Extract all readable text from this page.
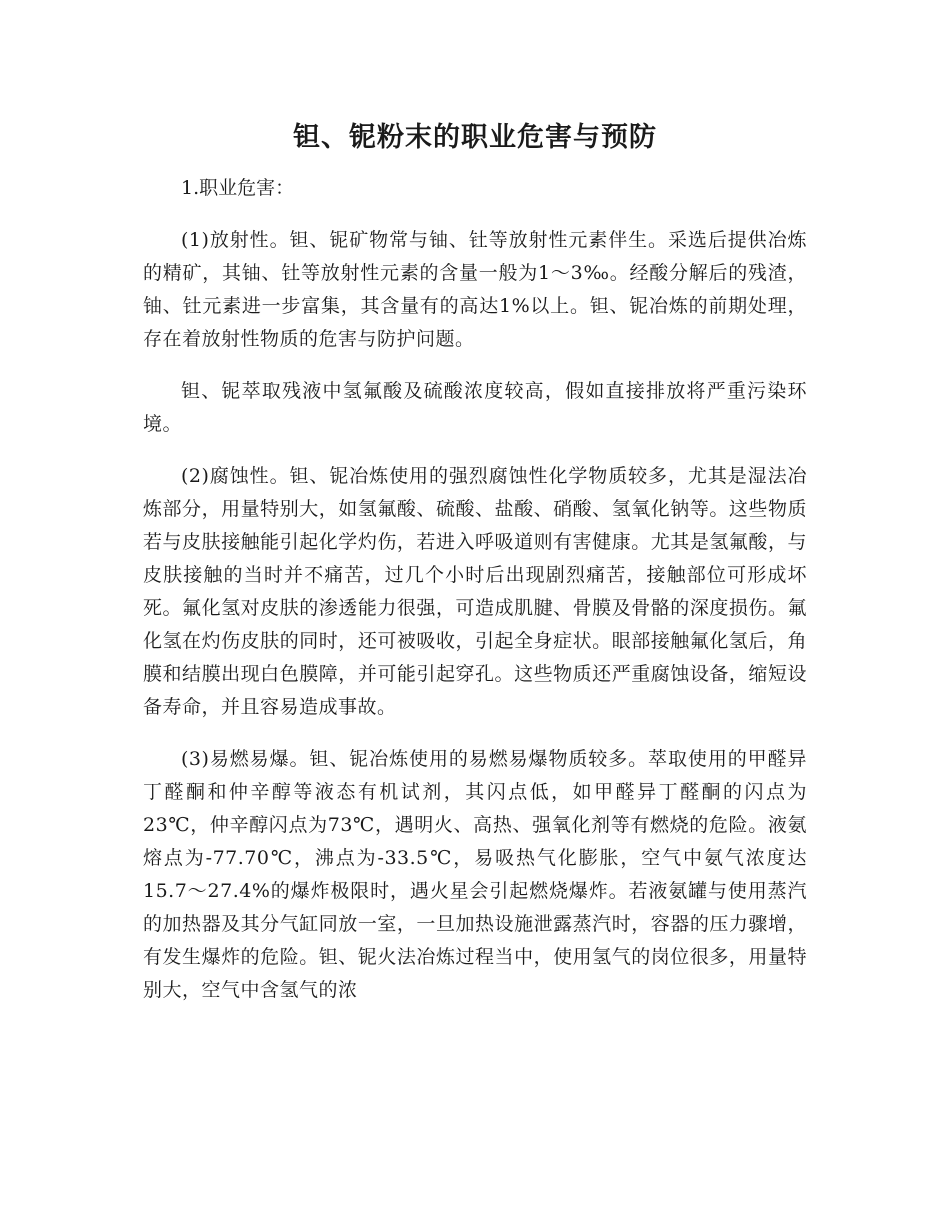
钽、铌粉末的职业危害与预防

1.职业危害：

(1)放射性。钽、铌矿物常与铀、钍等放射性元素伴生。采选后提供冶炼的精矿，其铀、钍等放射性元素的含量一般为1～3‰。经酸分解后的残渣，铀、钍元素进一步富集，其含量有的高达1%以上。钽、铌冶炼的前期处理，存在着放射性物质的危害与防护问题。

钽、铌萃取残液中氢氟酸及硫酸浓度较高，假如直接排放将严重污染环境。

(2)腐蚀性。钽、铌冶炼使用的强烈腐蚀性化学物质较多，尤其是湿法冶炼部分，用量特别大，如氢氟酸、硫酸、盐酸、硝酸、氢氧化钠等。这些物质若与皮肤接触能引起化学灼伤，若进入呼吸道则有害健康。尤其是氢氟酸，与皮肤接触的当时并不痛苦，过几个小时后出现剧烈痛苦，接触部位可形成坏死。氟化氢对皮肤的渗透能力很强，可造成肌腱、骨膜及骨骼的深度损伤。氟化氢在灼伤皮肤的同时，还可被吸收，引起全身症状。眼部接触氟化氢后，角膜和结膜出现白色膜障，并可能引起穿孔。这些物质还严重腐蚀设备，缩短设备寿命，并且容易造成事故。

(3)易燃易爆。钽、铌冶炼使用的易燃易爆物质较多。萃取使用的甲醛异丁醛酮和仲辛醇等液态有机试剂，其闪点低，如甲醛异丁醛酮的闪点为23℃，仲辛醇闪点为73℃，遇明火、高热、强氧化剂等有燃烧的危险。液氨熔点为-77.70℃，沸点为-33.5℃，易吸热气化膨胀，空气中氨气浓度达15.7～27.4%的爆炸极限时，遇火星会引起燃烧爆炸。若液氨罐与使用蒸汽的加热器及其分气缸同放一室，一旦加热设施泄露蒸汽时，容器的压力骤增，有发生爆炸的危险。钽、铌火法冶炼过程当中，使用氢气的岗位很多，用量特别大，空气中含氢气的浓
